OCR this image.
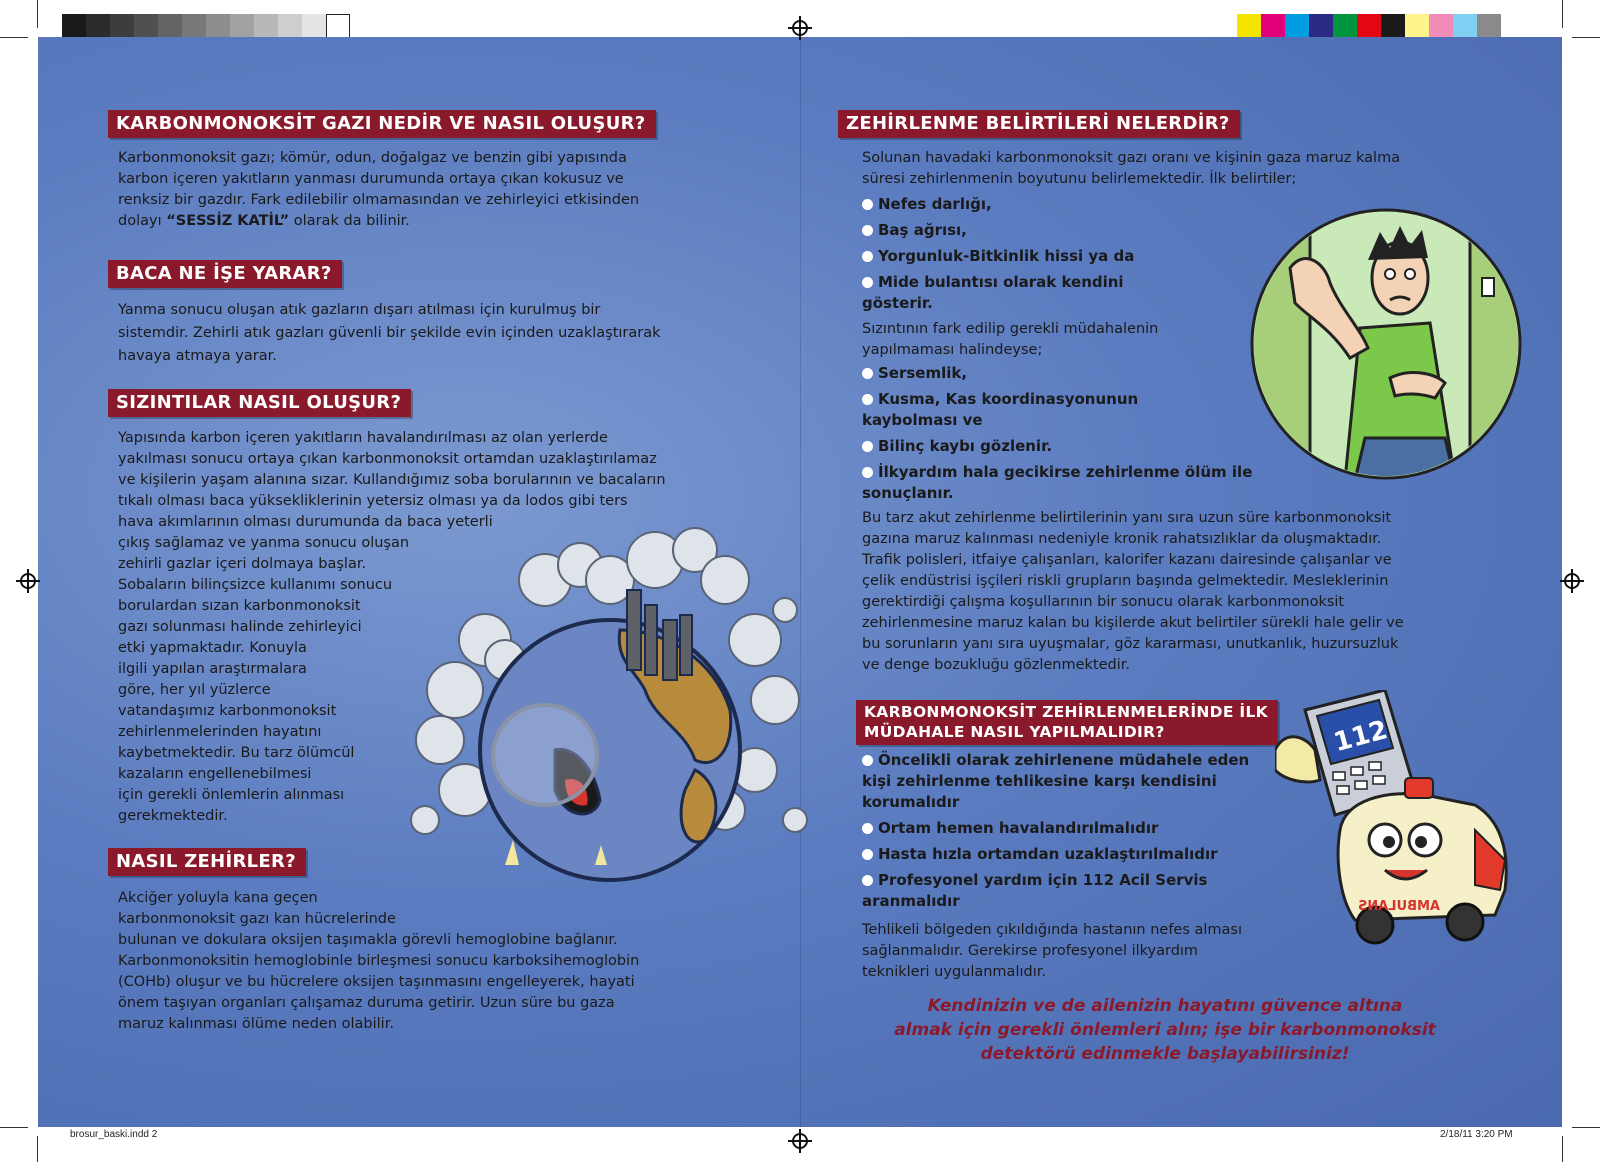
KARBONMONOKSİT GAZI NEDİR VE NASIL OLUŞUR?
Karbonmonoksit gazı; kömür, odun, doğalgaz ve benzin gibi yapısında
karbon içeren yakıtların yanması durumunda ortaya çıkan kokusuz ve
renksiz bir gazdır. Fark edilebilir olmamasından ve zehirleyici etkisinden
dolayı “SESSİZ KATİL” olarak da bilinir.
BACA NE İŞE YARAR?
Yanma sonucu oluşan atık gazların dışarı atılması için kurulmuş bir
sistemdir. Zehirli atık gazları güvenli bir şekilde evin içinden uzaklaştırarak
havaya atmaya yarar.
SIZINTILAR NASIL OLUŞUR?
Yapısında karbon içeren yakıtların havalandırılması az olan yerlerde
yakılması sonucu ortaya çıkan karbonmonoksit ortamdan uzaklaştırılamaz
ve kişilerin yaşam alanına sızar. Kullandığımız soba borularının ve bacaların
tıkalı olması baca yüksekliklerinin yetersiz olması ya da lodos gibi ters
hava akımlarının olması durumunda da baca yeterli
çıkış sağlamaz ve yanma sonucu oluşan
zehirli gazlar içeri dolmaya başlar.
Sobaların bilinçsizce kullanımı sonucu
borulardan sızan karbonmonoksit
gazı solunması halinde zehirleyici
etki yapmaktadır. Konuyla
ilgili yapılan araştırmalara
göre, her yıl yüzlerce
vatandaşımız karbonmonoksit
zehirlenmelerinden hayatını
kaybetmektedir. Bu tarz ölümcül
kazaların engellenebilmesi
için gerekli önlemlerin alınması
gerekmektedir.
NASIL ZEHİRLER?
Akciğer yoluyla kana geçen
karbonmonoksit gazı kan hücrelerinde
bulunan ve dokulara oksijen taşımakla görevli hemoglobine bağlanır.
Karbonmonoksitin hemoglobinle birleşmesi sonucu karboksihemoglobin
(COHb) oluşur ve bu hücrelere oksijen taşınmasını engelleyerek, hayati
önem taşıyan organları çalışamaz duruma getirir. Uzun süre bu gaza
maruz kalınması ölüme neden olabilir.
ZEHİRLENME BELİRTİLERİ NELERDİR?
Solunan havadaki karbonmonoksit gazı oranı ve kişinin gaza maruz kalma
süresi zehirlenmenin boyutunu belirlemektedir. İlk belirtiler;
Nefes darlığı,
Baş ağrısı,
Yorgunluk-Bitkinlik hissi ya da
Mide bulantısı olarak kendini gösterir.
Sızıntının fark edilip gerekli müdahalenin
yapılmaması halindeyse;
Sersemlik,
Kusma, Kas koordinasyonunun kaybolması ve
Bilinç kaybı gözlenir.
İlkyardım hala gecikirse zehirlenme ölüm ile sonuçlanır.
Bu tarz akut zehirlenme belirtilerinin yanı sıra uzun süre karbonmonoksit
gazına maruz kalınması nedeniyle kronik rahatsızlıklar da oluşmaktadır.
Trafik polisleri, itfaiye çalışanları, kalorifer kazanı dairesinde çalışanlar ve
çelik endüstrisi işçileri riskli grupların başında gelmektedir. Mesleklerinin
gerektirdiği çalışma koşullarının bir sonucu olarak karbonmonoksit
zehirlenmesine maruz kalan bu kişilerde akut belirtiler sürekli hale gelir ve
bu sorunların yanı sıra uyuşmalar, göz kararması, unutkanlık, huzursuzluk
ve denge bozukluğu gözlenmektedir.
KARBONMONOKSİT ZEHİRLENMELERİNDE İLK
MÜDAHALE NASIL YAPILMALIDIR?
Öncelikli olarak zehirlenene müdahele eden kişi zehirlenme tehlikesine karşı kendisini korumalıdır
Ortam hemen havalandırılmalıdır
Hasta hızla ortamdan uzaklaştırılmalıdır
Profesyonel yardım için 112 Acil Servis aranmalıdır
Tehlikeli bölgeden çıkıldığında hastanın nefes alması
sağlanmalıdır. Gerekirse profesyonel ilkyardım
teknikleri uygulanmalıdır.
112
AMBULANS
Kendinizin ve de ailenizin hayatını güvence altına
almak için gerekli önlemleri alın; işe bir karbonmonoksit
detektörü edinmekle başlayabilirsiniz!
brosur_baski.indd 2	2/18/11 3:20 PM
